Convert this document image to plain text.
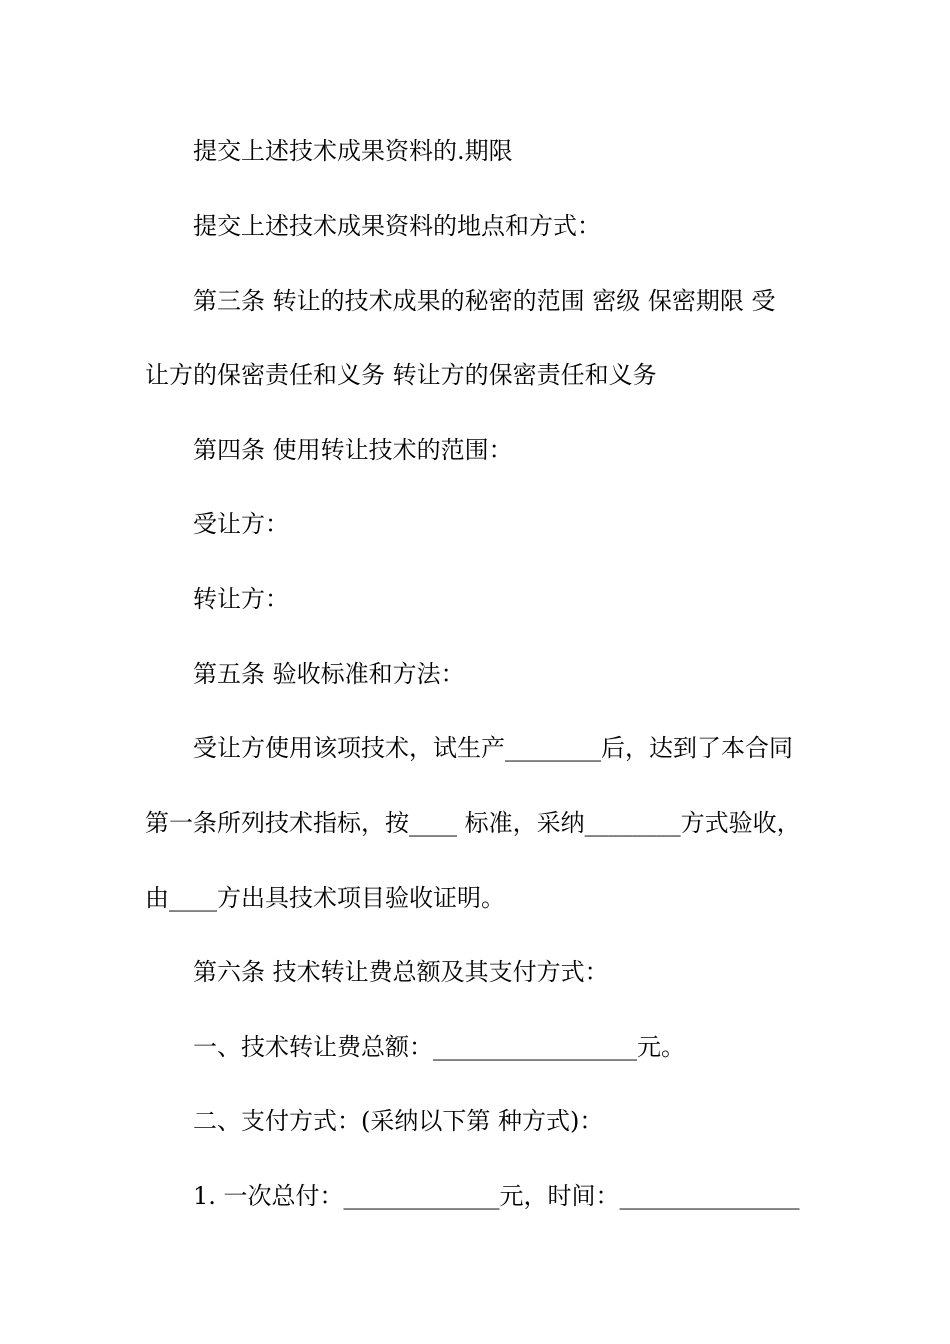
提交上述技术成果资料的.期限
提交上述技术成果资料的地点和方式：
第三条 转让的技术成果的秘密的范围 密级 保密期限 受
让方的保密责任和义务 转让方的保密责任和义务
第四条 使用转让技术的范围：
受让方：
转让方：
第五条 验收标准和方法：
受让方使用该项技术，试生产________后，达到了本合同
第一条所列技术指标，按____ 标准，采纳________方式验收，
由____方出具技术项目验收证明。
第六条 技术转让费总额及其支付方式：
一、技术转让费总额：_________________元。
二、支付方式：(采纳以下第 种方式)：
1. 一次总付：_____________元，时间：_______________
